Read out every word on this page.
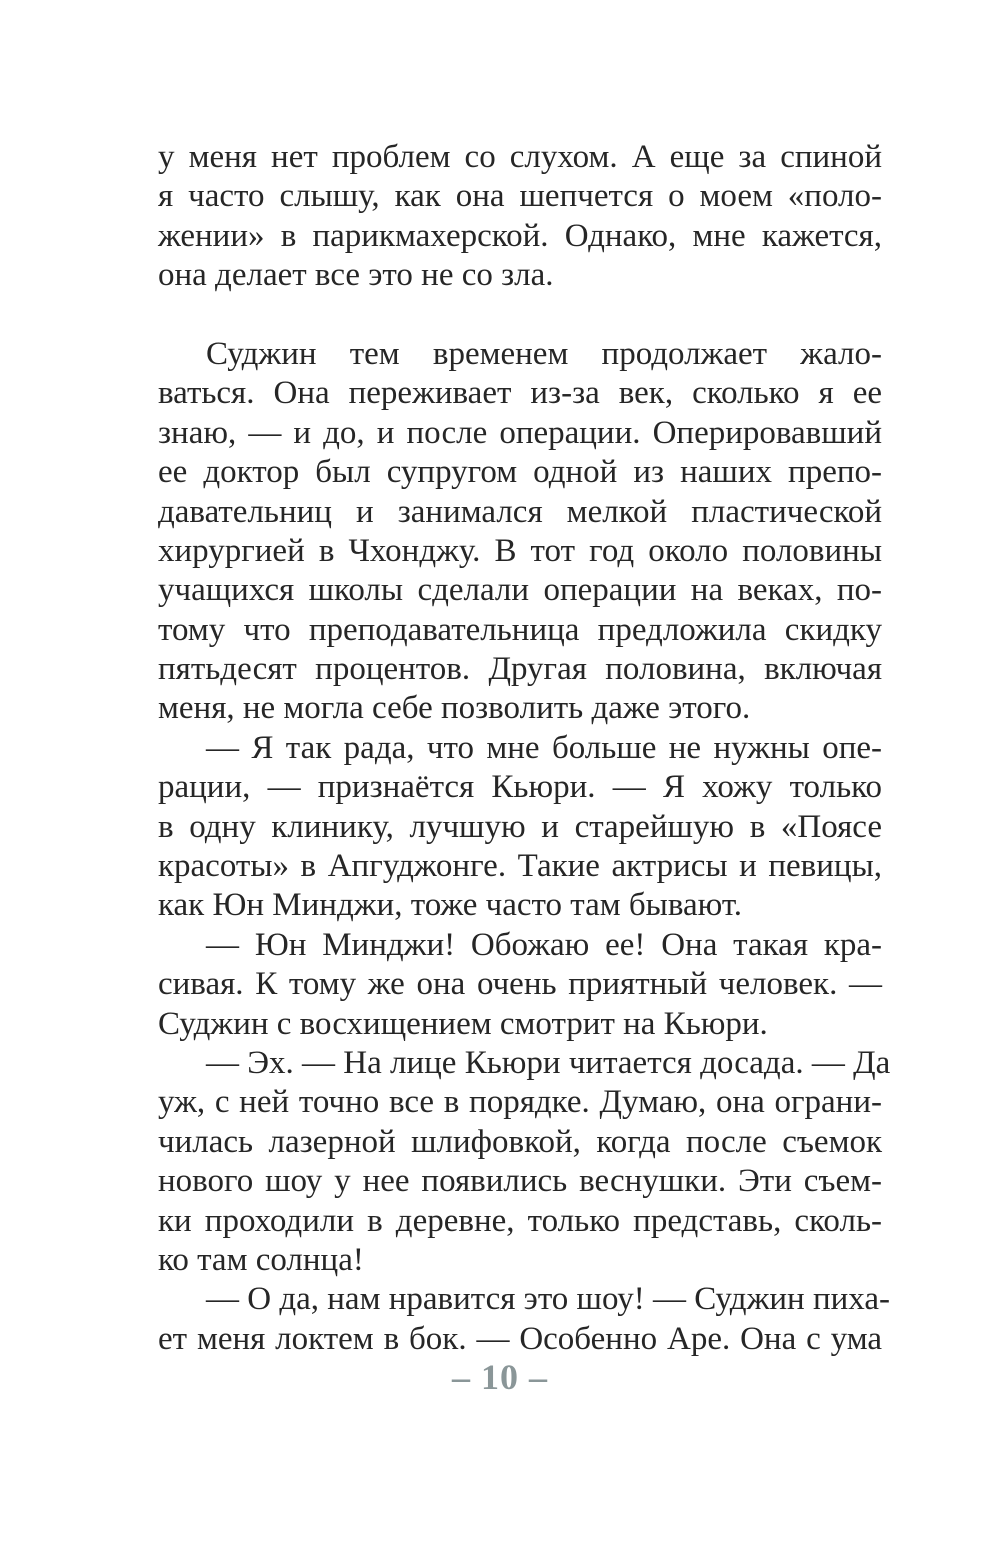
у меня нет проблем со слухом. А еще за спиной
я часто слышу, как она шепчется о моем «поло-
жении» в парикмахерской. Однако, мне кажется,
она делает все это не со зла.
Суджин тем временем продолжает жало-
ваться. Она переживает из-за век, сколько я ее
знаю, — и до, и после операции. Оперировавший
ее доктор был супругом одной из наших препо-
давательниц и занимался мелкой пластической
хирургией в Чхонджу. В тот год около половины
учащихся школы сделали операции на веках, по-
тому что преподавательница предложила скидку
пятьдесят процентов. Другая половина, включая
меня, не могла себе позволить даже этого.
— Я так рада, что мне больше не нужны опе-
рации, — признаётся Кьюри. — Я хожу только
в одну клинику, лучшую и старейшую в «Поясе
красоты» в Апгуджонге. Такие актрисы и певицы,
как Юн Минджи, тоже часто там бывают.
— Юн Минджи! Обожаю ее! Она такая кра-
сивая. К тому же она очень приятный человек. —
Суджин с восхищением смотрит на Кьюри.
— Эх. — На лице Кьюри читается досада. — Да
уж, с ней точно все в порядке. Думаю, она ограни-
чилась лазерной шлифовкой, когда после съемок
нового шоу у нее появились веснушки. Эти съем-
ки проходили в деревне, только представь, сколь-
ко там солнца!
— О да, нам нравится это шоу! — Суджин пиха-
ет меня локтем в бок. — Особенно Аре. Она с ума
– 10 –
